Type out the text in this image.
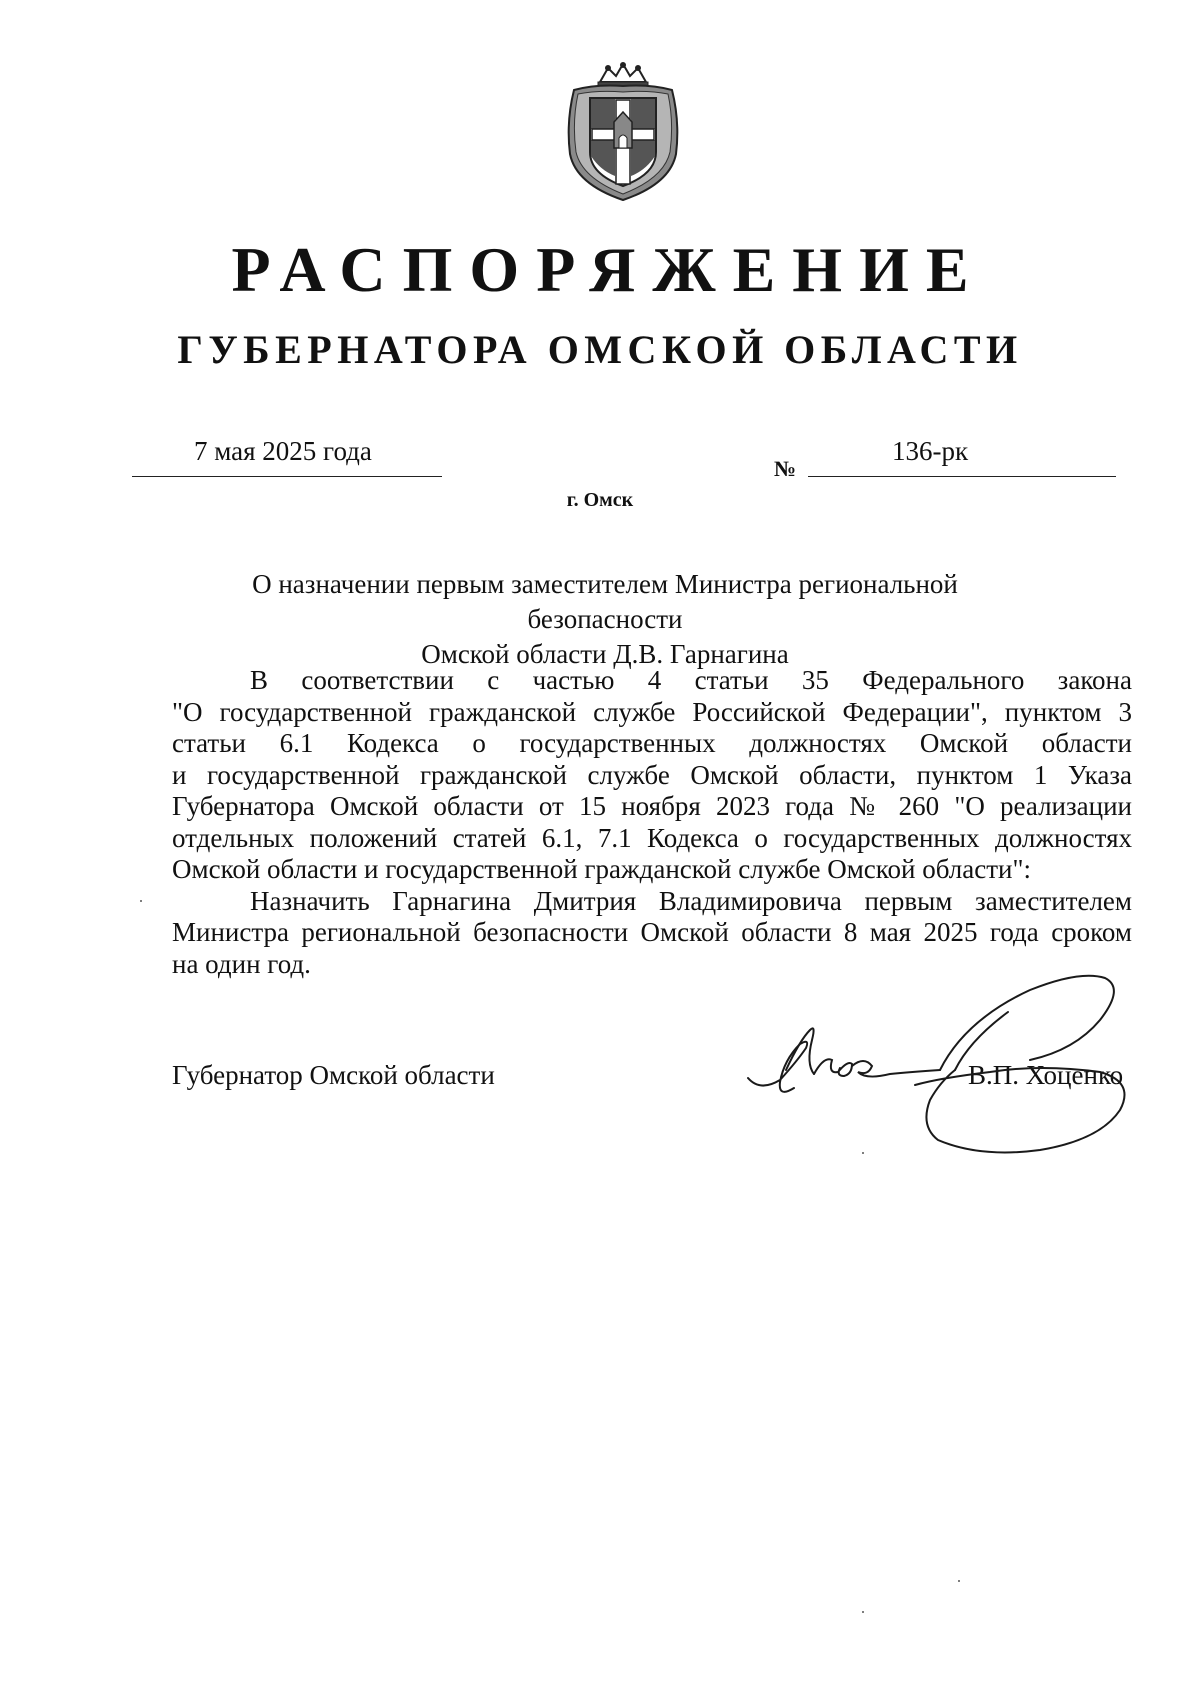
РАСПОРЯЖЕНИЕ
ГУБЕРНАТОРА ОМСКОЙ ОБЛАСТИ
7 мая 2025 года
№
136-рк
г. Омск
О назначении первым заместителем Министра региональной безопасности
Омской области Д.В. Гарнагина
В соответствии с частью 4 статьи 35 Федерального закона
"О государственной гражданской службе Российской Федерации", пунктом 3
статьи 6.1 Кодекса о государственных должностях Омской области
и государственной гражданской службе Омской области, пунктом 1 Указа
Губернатора Омской области от 15 ноября 2023 года № 260 "О реализации
отдельных положений статей 6.1, 7.1 Кодекса о государственных должностях
Омской области и государственной гражданской службе Омской области":
Назначить Гарнагина Дмитрия Владимировича первым заместителем
Министра региональной безопасности Омской области 8 мая 2025 года сроком
на один год.
Губернатор Омской области	В.П. Хоценко
